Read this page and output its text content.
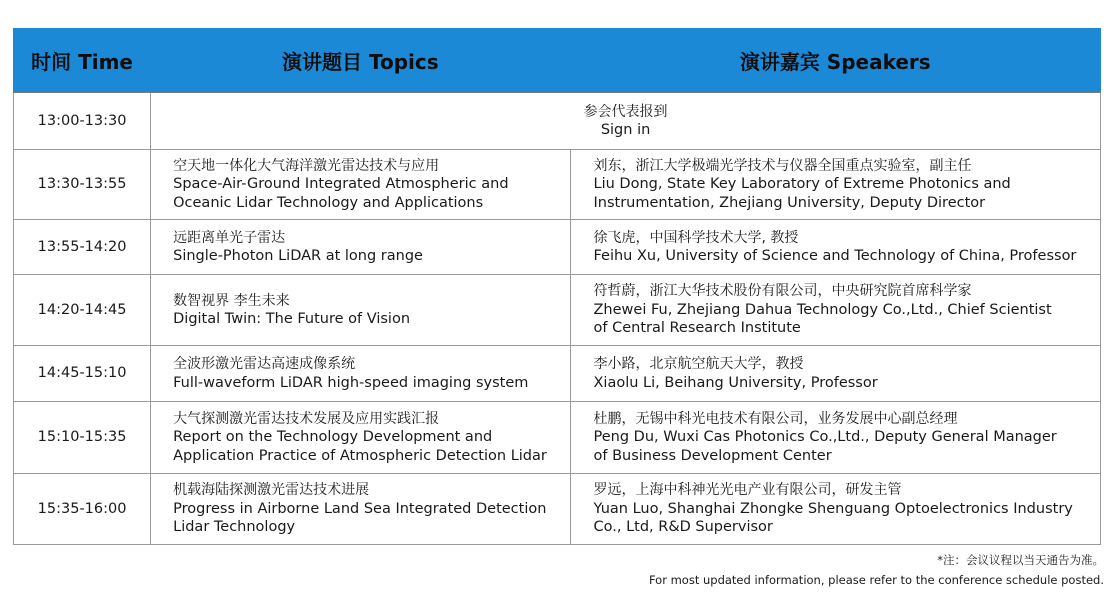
时间 Time	演讲题目 Topics	演讲嘉宾 Speakers
13:00-13:30	参会代表报到
Sign in	

13:30-13:55	空天地一体化大气海洋激光雷达技术与应用
Space-Air-Ground Integrated Atmospheric and
Oceanic Lidar Technology and Applications	刘东，浙江大学极端光学技术与仪器全国重点实验室，副主任
Liu Dong, State Key Laboratory of Extreme Photonics and
Instrumentation, Zhejiang University, Deputy Director

13:55-14:20	远距离单光子雷达
Single-Photon LiDAR at long range	徐飞虎，中国科学技术大学, 教授
Feihu Xu, University of Science and Technology of China, Professor

14:20-14:45	数智视界 李生未来
Digital Twin: The Future of Vision	符哲蔚，浙江大华技术股份有限公司，中央研究院首席科学家
Zhewei Fu, Zhejiang Dahua Technology Co.,Ltd., Chief Scientist
of Central Research Institute

14:45-15:10	全波形激光雷达高速成像系统
Full-waveform LiDAR high-speed imaging system	李小路，北京航空航天大学，教授
Xiaolu Li, Beihang University, Professor

15:10-15:35	大气探测激光雷达技术发展及应用实践汇报
Report on the Technology Development and
Application Practice of Atmospheric Detection Lidar	杜鹏，无锡中科光电技术有限公司，业务发展中心副总经理
Peng Du, Wuxi Cas Photonics Co.,Ltd., Deputy General Manager
of Business Development Center

15:35-16:00	机载海陆探测激光雷达技术进展
Progress in Airborne Land Sea Integrated Detection
Lidar Technology	罗远，上海中科神光光电产业有限公司，研发主管
Yuan Luo, Shanghai Zhongke Shenguang Optoelectronics Industry
Co., Ltd, R&D Supervisor
*注：会议议程以当天通告为准。
For most updated information, please refer to the conference schedule posted.
